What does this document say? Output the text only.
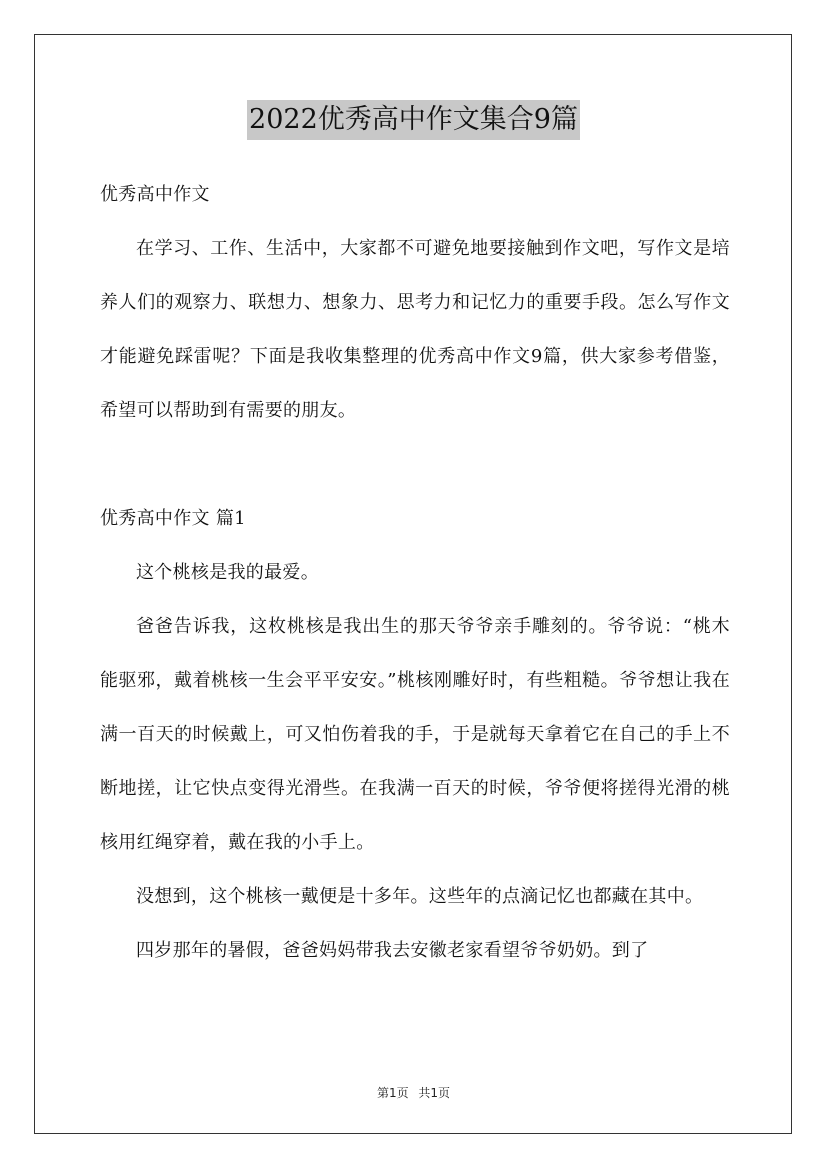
2022优秀高中作文集合9篇

优秀高中作文

在学习、工作、生活中，大家都不可避免地要接触到作文吧，写作文是培养人们的观察力、联想力、想象力、思考力和记忆力的重要手段。怎么写作文才能避免踩雷呢？下面是我收集整理的优秀高中作文9篇，供大家参考借鉴，希望可以帮助到有需要的朋友。

优秀高中作文 篇1

这个桃核是我的最爱。

爸爸告诉我，这枚桃核是我出生的那天爷爷亲手雕刻的。爷爷说：“桃木能驱邪，戴着桃核一生会平平安安。”桃核刚雕好时，有些粗糙。爷爷想让我在满一百天的时候戴上，可又怕伤着我的手，于是就每天拿着它在自己的手上不断地搓，让它快点变得光滑些。在我满一百天的时候，爷爷便将搓得光滑的桃核用红绳穿着，戴在我的小手上。

没想到，这个桃核一戴便是十多年。这些年的点滴记忆也都藏在其中。

四岁那年的暑假，爸爸妈妈带我去安徽老家看望爷爷奶奶。到了

第1页 共1页
